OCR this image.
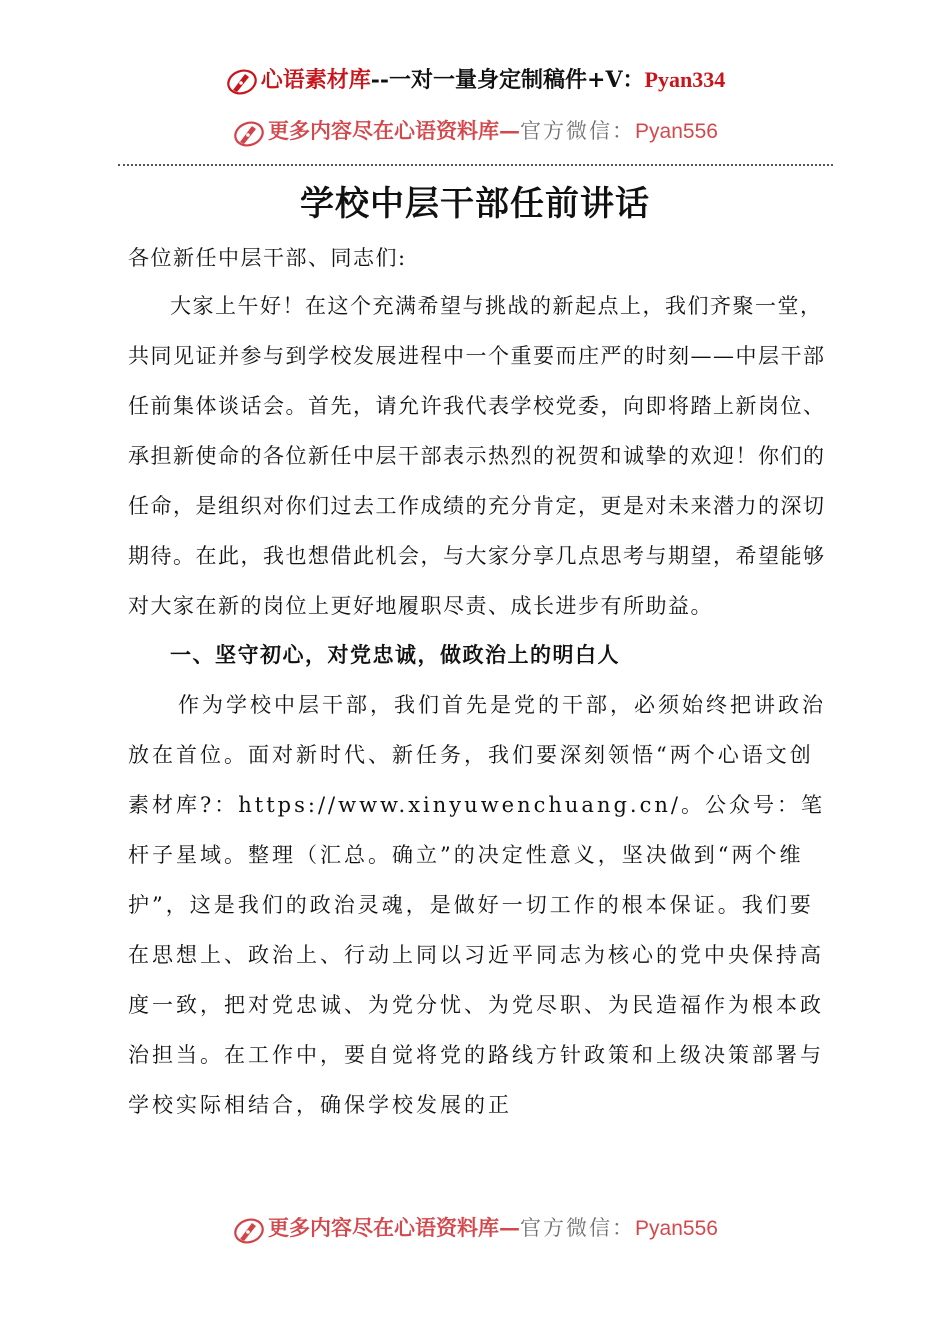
心语素材库--一对一量身定制稿件+V：Pyan334
更多内容尽在心语资料库—官方微信：Pyan556
学校中层干部任前讲话

各位新任中层干部、同志们:

大家上午好！在这个充满希望与挑战的新起点上，我们齐聚一堂，共同见证并参与到学校发展进程中一个重要而庄严的时刻——中层干部任前集体谈话会。首先，请允许我代表学校党委，向即将踏上新岗位、承担新使命的各位新任中层干部表示热烈的祝贺和诚挚的欢迎！你们的任命，是组织对你们过去工作成绩的充分肯定，更是对未来潜力的深切期待。在此，我也想借此机会，与大家分享几点思考与期望，希望能够对大家在新的岗位上更好地履职尽责、成长进步有所助益。

一、坚守初心，对党忠诚，做政治上的明白人

作为学校中层干部，我们首先是党的干部，必须始终把讲政治放在首位。面对新时代、新任务，我们要深刻领悟“两个心语文创素材库?：https://www.xinyuwenchuang.cn/。公众号：笔杆子星域。整理（汇总。确立”的决定性意义，坚决做到“两个维护”，这是我们的政治灵魂，是做好一切工作的根本保证。我们要在思想上、政治上、行动上同以习近平同志为核心的党中央保持高度一致，把对党忠诚、为党分忧、为党尽职、为民造福作为根本政治担当。在工作中，要自觉将党的路线方针政策和上级决策部署与学校实际相结合，确保学校发展的正

更多内容尽在心语资料库—官方微信：Pyan556
